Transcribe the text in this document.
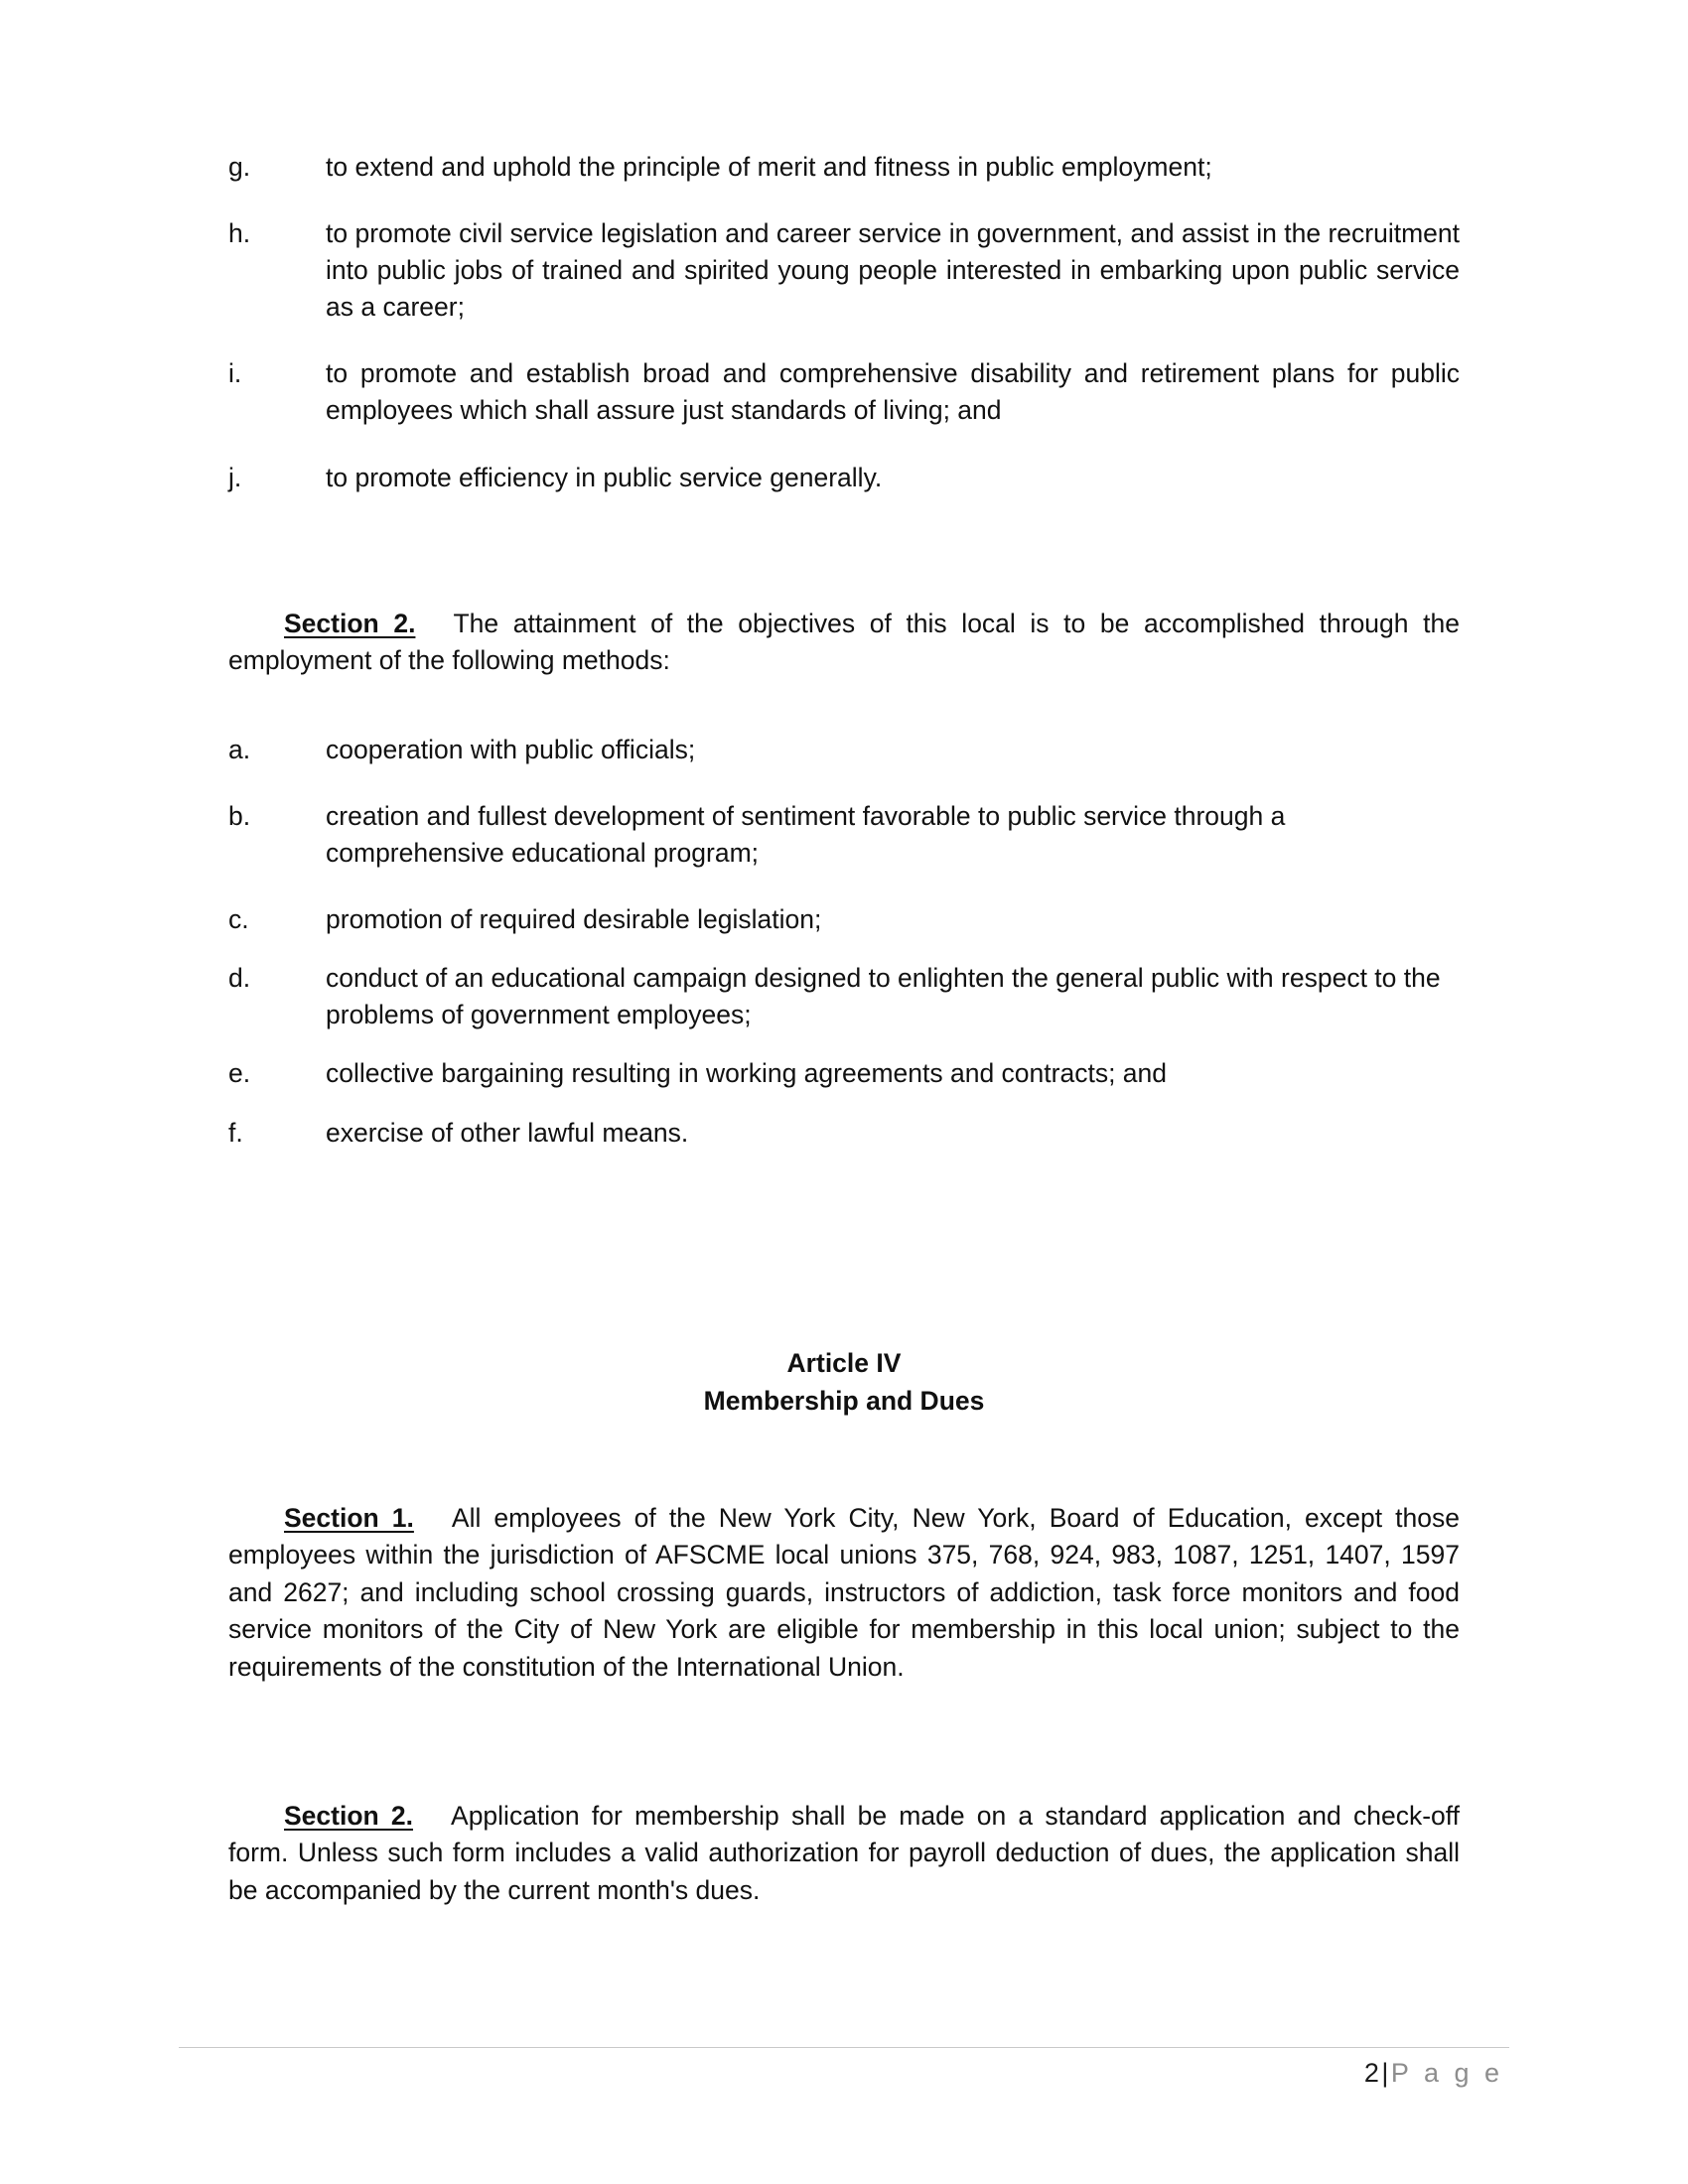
g.	to extend and uphold the principle of merit and fitness in public employment;
h.	to promote civil service legislation and career service in government, and assist in the recruitment into public jobs of trained and spirited young people interested in embarking upon public service as a career;
i.	to promote and establish broad and comprehensive disability and retirement plans for public employees which shall assure just standards of living; and
j.	to promote efficiency in public service generally.

Section 2. The attainment of the objectives of this local is to be accomplished through the employment of the following methods:

a.	cooperation with public officials;
b.	creation and fullest development of sentiment favorable to public service through a comprehensive educational program;
c.	promotion of required desirable legislation;
d.	conduct of an educational campaign designed to enlighten the general public with respect to the problems of government employees;
e.	collective bargaining resulting in working agreements and contracts; and
f.	exercise of other lawful means.
Article IV
Membership and Dues

Section 1. All employees of the New York City, New York, Board of Education, except those employees within the jurisdiction of AFSCME local unions 375, 768, 924, 983, 1087, 1251, 1407, 1597 and 2627; and including school crossing guards, instructors of addiction, task force monitors and food service monitors of the City of New York are eligible for membership in this local union; subject to the requirements of the constitution of the International Union.

Section 2. Application for membership shall be made on a standard application and check-off form. Unless such form includes a valid authorization for payroll deduction of dues, the application shall be accompanied by the current month's dues.

2|P a g e
